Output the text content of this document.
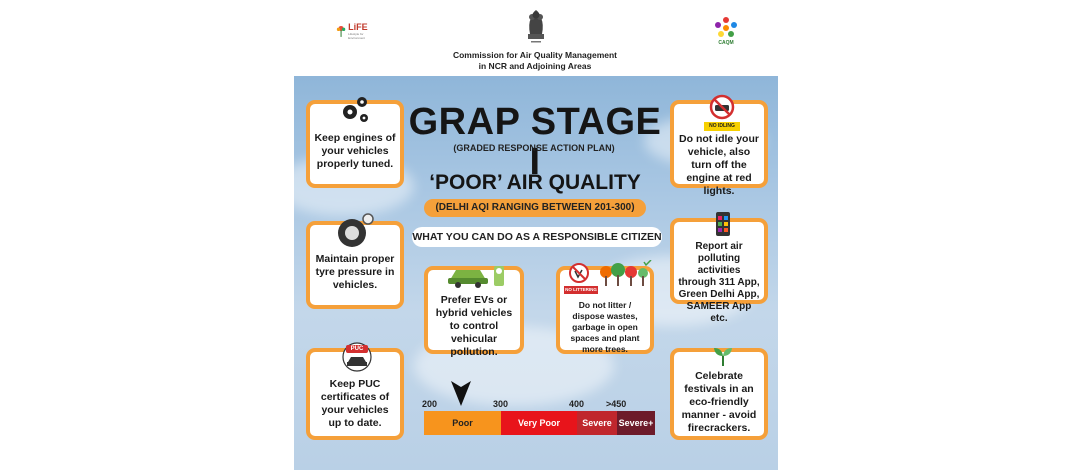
LiFE
Lifestyle for Environment
CAQM
Commission for Air Quality Management
in NCR and Adjoining Areas
GRAP STAGE I
(GRADED RESPONSE ACTION PLAN)
‘POOR’ AIR QUALITY
(DELHI AQI RANGING BETWEEN 201-300)
WHAT YOU CAN DO AS A RESPONSIBLE CITIZEN
Keep engines of your vehicles properly tuned.
Maintain proper tyre pressure in vehicles.
PUC
Keep PUC certificates of your vehicles up to date.
NO IDLING
Do not idle your vehicle, also turn off the engine at red lights.
Report air polluting activities through 311 App, Green Delhi App, SAMEER App etc.
Celebrate festivals in an eco-friendly manner - avoid firecrackers.
Prefer EVs or hybrid vehicles to control vehicular pollution.
NO LITTERING
Do not litter / dispose wastes, garbage in open spaces and plant more trees.
200	300	400 >450
Poor	Very Poor	Severe Severe+
